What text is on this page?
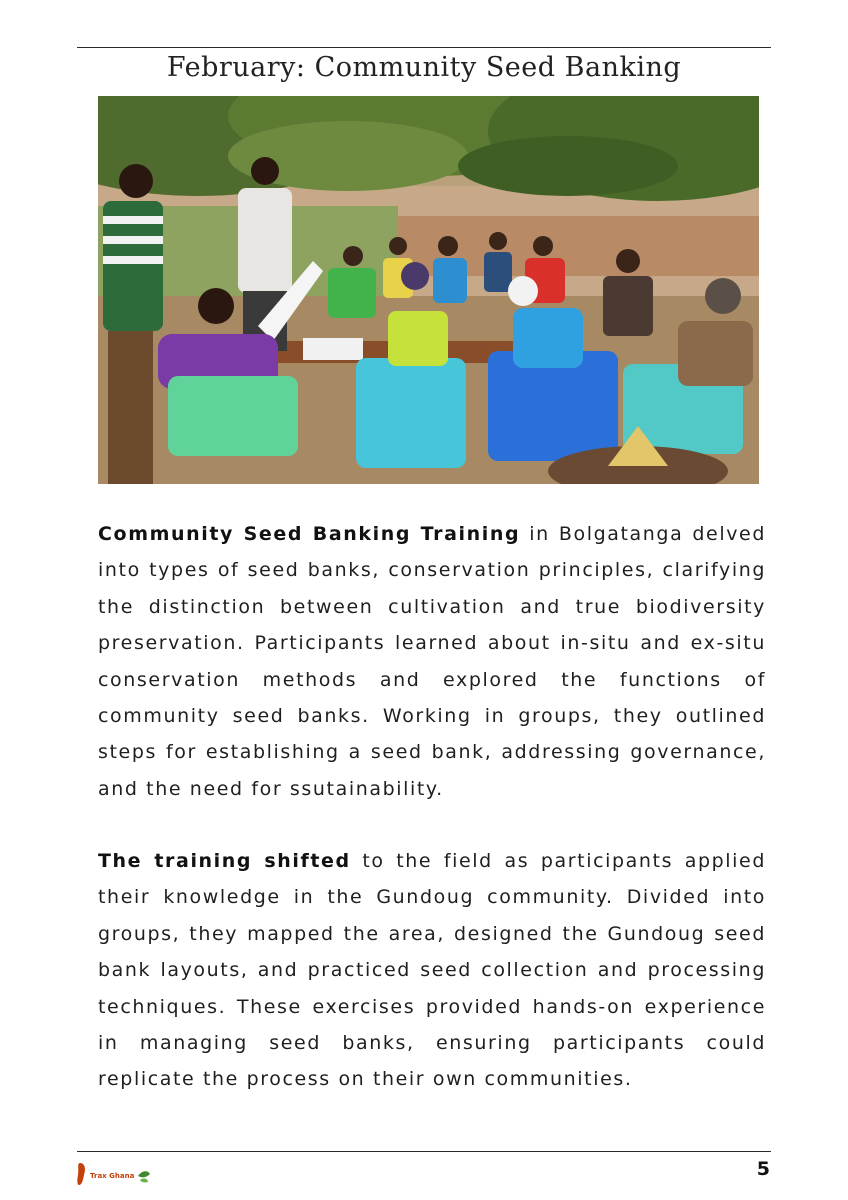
February: Community Seed Banking

Community Seed Banking Training in Bolgatanga delved into types of seed banks, conservation principles, clarifying the distinction between cultivation and true biodiversity preservation. Participants learned about in-situ and ex-situ conservation methods and explored the functions of community seed banks. Working in groups, they outlined steps for establishing a seed bank, addressing governance, and the need for ssutainability.

The training shifted to the field as participants applied their knowledge in the Gundoug community. Divided into groups, they mapped the area, designed the Gundoug seed bank layouts, and practiced seed collection and processing techniques. These exercises provided hands-on experience in managing seed banks, ensuring participants could replicate the process on their own communities.

Trax Ghana	5
